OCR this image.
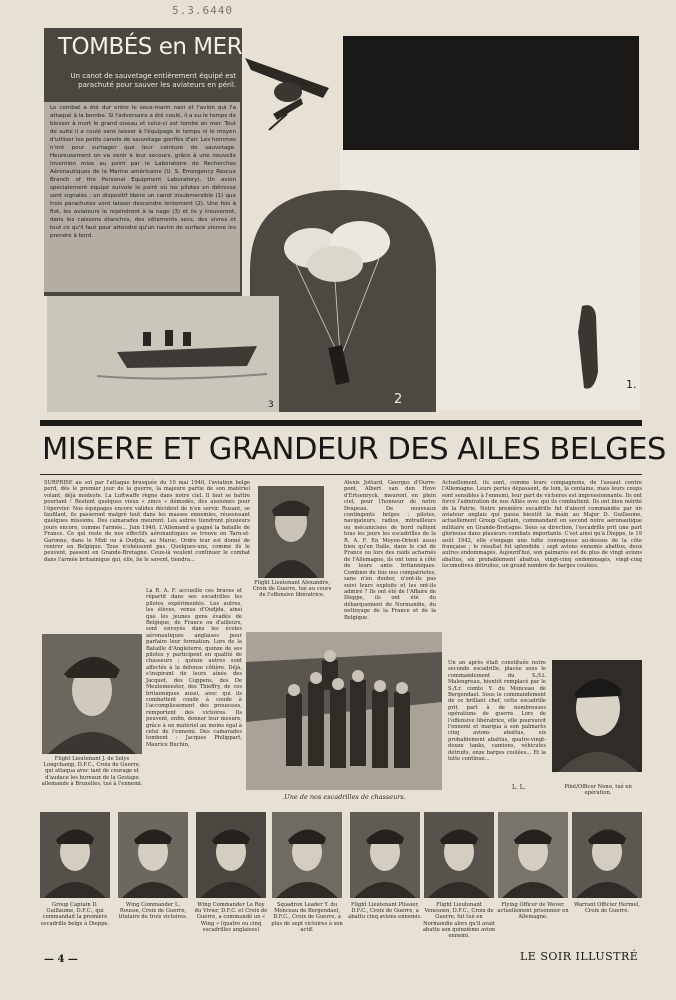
5.3.6440
TOMBÉS en MER
Un canot de sauvetage entièrement équipé est parachuté pour sauver les aviateurs en péril.
Le combat a été dur entre le sous-marin nazi et l'avion qui l'a attaqué à la bombe. Si l'adversaire a été coulé, il a eu le temps de blesser à mort le grand oiseau et celui-ci est tombé en mer. Tout de suite il a coulé sans laisser à l'équipage le temps ni le moyen d'utiliser les petits canots de sauvetage gonflés d'air. Les hommes n'ont pour surnager que leur ceinture de sauvetage. Heureusement on va venir à leur secours, grâce à une nouvelle invention mise au point par le Laboratoire de Recherches Aéronautiques de la Marine américaine (U. S. Emergency Rescue Branch of the Personal Equipment Laboratory). Un avion spécialement équipé survole le point où les pilotes en détresse sont signalés ; un dispositif libère un canot insubmersible (1) que trois parachutes vont laisser descendre lentement (2). Une fois à flot, les aviateurs le rejoindront à la nage (3) et ils y trouveront, dans les caissons étanches, des vêtements secs, des vivres et tout ce qu'il faut pour attendre qu'un navire de surface vienne les prendre à bord.
2
3
1.
MISERE ET GRANDEUR DES AILES BELGES
SURPRISE au sol par l'attaque brusquée du 10 mai 1940, l'aviation belge perd, dès le premier jour de la guerre, la majeure partie de son matériel volant, déjà modeste. La Luftwaffe règne dans notre ciel. Il faut se battre pourtant ! Restent quelques vieux « zincs » démodés, des aisoumes pour l'épervier. Nos équipages encore valides décident de n'en servir. Rusant, se faufilant, ils passeront malgré tout dans les masses ennemies, réussissant quelques missions. Des camarades meurent. Les autres tiendront plusieurs jours encore, comme l'armée... Juin 1940. L'Allemand a gagné la bataille de France. Ce qui reste de nos effectifs aéronautiques se trouve en Tarn-et-Garonne, dans le Midi ou à Oudjda, au Maroc. Ordre leur est donné de rentrer en Belgique. Tous n'obéissent pas. Quelques-uns, comme ils le peuvent, passent en Grande-Bretagne. Ceux-là veulent continuer le combat dans l'armée britannique qui, elle, lie le savent, tiendra...
Flight Lieutenant Alexandre, Croix de Guerre, tué au cours de l'offensive libératrice.
Alexis Jottard, Georges d'Ourre-pont, Albert van den Hove d'Ertsenryck, meurent en plein ciel, pour l'honneur de notre Drapeau. De nouveaux contingents belges : pilotes, navigateurs, radios, mitrailleurs ou mécaniciens de bord rallient tous les jours les escadrilles de la R. A. F. En Moyen-Orient aussi bien qu'en Italie, dans le ciel de France ou lors des raids acharnés de l'Allemagne, ils ont tenu à côté de leurs amis britanniques. Combien de fois nos compatriotes, sans n'en douter, n'ont-ils pas suivi leurs exploits et les ont-ils admiré ? Ils ont été de l'Affaire de Dieppe, ils ont été du débarquement de Normandie, du nettoyage de la France et de la Belgique.
Actuellement, ils sont, comme leurs compagnons, de l'assaut contre l'Allemagne. Leurs pertes dépassent, de loin, la centaine, mais leurs coups sont sensibles à l'ennemi, leur part de victoires est impressionnante. Ils ont forcé l'admiration de nos Alliés avec qui ils combattent. Ils ont bien mérité de la Patrie. Notre première escadrille fut d'abord commandée par un aviateur anglais qui passa bientôt la main au Major D. Guillaume, actuellement Group Captain, commandant en second notre aéronautique militaire en Grande-Bretagne. Sous sa direction, l'escadrille prit une part glorieuse dans plusieurs combats importants. C'est ainsi qu'à Dieppe, le 19 août 1942, elle s'engage une lutte courageuse au-dessus de la côte française ; le résultat fut splendide : sept avions ennemis abattus, deux autres endommagés. Aujourd'hui, son palmarès est de plus de vingt avions abattus, six probablement abattus, vingt-cinq endommagés, vingt-cinq locomotives détruites, un grand nombre de barges coulées.
Flight Lieutenant J. de Selys Longchamp, D.F.C., Croix de Guerre, qui attaqua avec tant de courage et d'audace les bureaux de la Gestapo allemande à Bruxelles, tué à l'ennemi.
La R. A. F. accueille ces braves et répartit dans ses escadrilles les pilotes expérimentés. Les autres, les élèves, venus d'Oudjda, ainsi que les jeunes gens évadés de Belgique, de France ou d'ailleurs, sont envoyés dans les écoles aéronautiques anglaises pour parfaire leur formation. Lors de la Bataille d'Angleterre, quinze de ses pilotes y participent en qualité de chasseurs ; quinze autres sont affectés à la défense côtière. Déjà, s'inspirant de leurs aînés des Jacquet, des Coppens, des De Meulemeester, des Thieffry, de ces britanniques aussi, avec qui ils combattent coude à coude à l'accomplissement des prouesses, remportent des victoires. Ils peuvent, enfin, donner leur mesure, grâce à un matériel au moins égal à celui de l'ennemi. Des camarades tombent : Jacques Philippart, Maurice Buchin,
.Une de nos escadrilles de chasseurs.
Un an après était constituée notre seconde escadrille, placée sous le commandement du S./Lt. Malengreau, bientôt remplacé par le S./Lr. comte Y. du Monceau de Bergendael. Sous le commandement de ce brillant chef, cette escadrille prit part à de nombreuses opérations de guerre. Lors de l'offensive libératrice, elle poursuivit l'ennemi et marqua à son palmarès cinq avions abattus, six probablement abattus, quatre-vingt-douze tanks, camions, véhicules détruits, onze barges coulées... Et la lutte continue...
L. L.	Pilot/Officer Nenu, tué en opération.
Group Captain D. Guillaume, D.F.C., qui commandait la première escadrille belge à Dieppe.
Wing Commander L. Rousse, Croix de Guerre, titulaire de trois victoires.
Wing Commander Le Roy du Vivier, D.F.C. et Croix de Guerre, a commandé un « Wing » (quatre ou cinq escadrilles anglaises)
Squadron Leader Y. du Monceau de Bergendael, D.F.C., Croix de Guerre, a plus de sept victoires à son actif.
Flight Lieutenant Plissier, D.F.C., Croix de Guerre, a abattu cinq avions ennemis.
Flight Lieutenant Venesoen, D.F.C., Croix de Guerre, fut tué en Normandie alors qu'il avait abattu son quinzième avion ennemi.
Flying Officer de Wever, actuellement prisonnier en Allemagne.
Warrant Officier Hermel, Croix de Guerre.
— 4 —	LE SOIR ILLUSTRÉ
